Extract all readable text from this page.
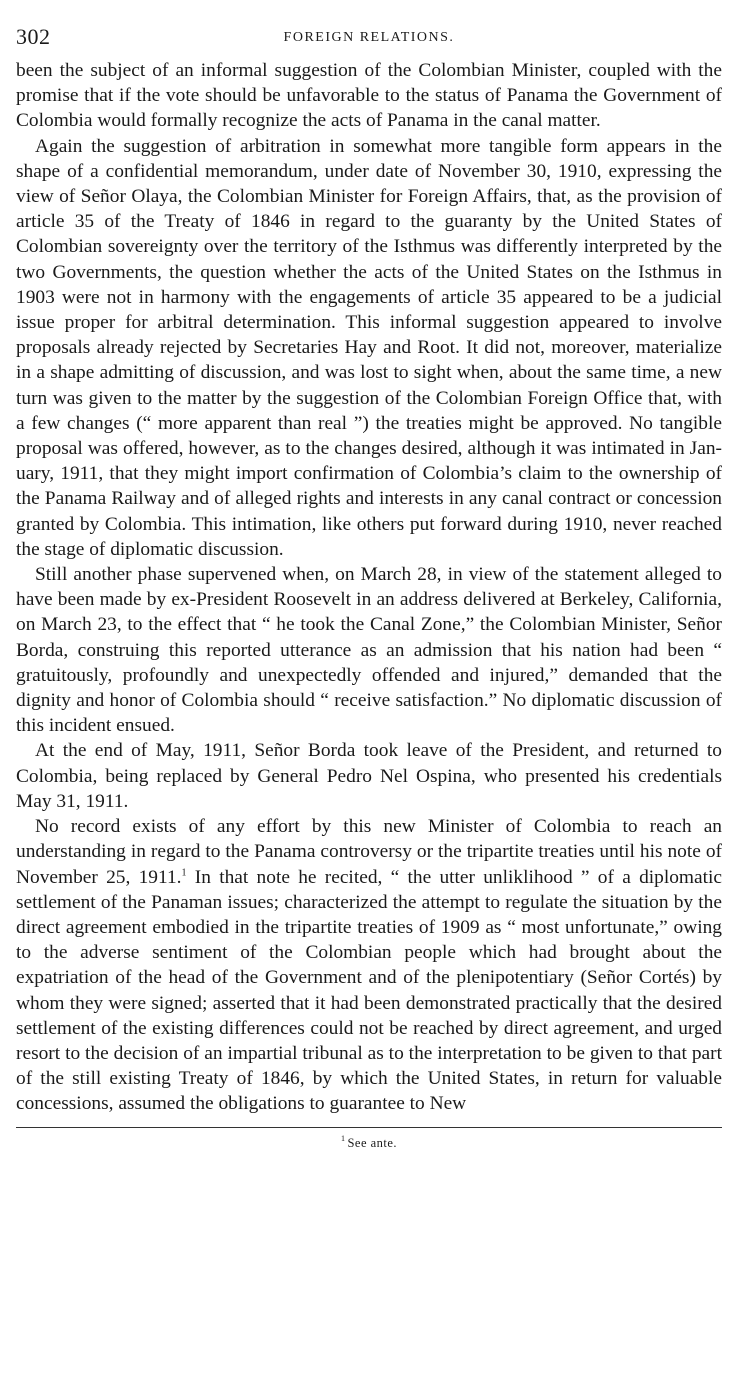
302	FOREIGN RELATIONS.

been the subject of an informal suggestion of the Colombian Minister, coupled with the promise that if the vote should be unfavorable to the status of Panama the Government of Colombia would formally recognize the acts of Panama in the canal matter.

Again the suggestion of arbitration in somewhat more tangible form appears in the shape of a confidential memorandum, under date of November 30, 1910, expressing the view of Señor Olaya, the Colombian Minister for Foreign Affairs, that, as the provision of article 35 of the Treaty of 1846 in regard to the guaranty by the United States of Colombian sovereignty over the territory of the Isthmus was differently interpreted by the two Governments, the question whether the acts of the United States on the Isthmus in 1903 were not in harmony with the engagements of article 35 appeared to be a judicial issue proper for arbitral determination. This informal suggestion appeared to involve proposals already rejected by Secretaries Hay and Root. It did not, moreover, materialize in a shape admitting of discussion, and was lost to sight when, about the same time, a new turn was given to the matter by the suggestion of the Colombian Foreign Office that, with a few changes (“ more apparent than real ”) the treaties might be approved. No tangible proposal was offered, however, as to the changes desired, although it was intimated in January, 1911, that they might import confirmation of Colombia’s claim to the ownership of the Panama Railway and of alleged rights and interests in any canal contract or concession granted by Colombia. This intimation, like others put forward during 1910, never reached the stage of diplomatic discussion.

Still another phase supervened when, on March 28, in view of the statement alleged to have been made by ex-President Roosevelt in an address delivered at Berkeley, California, on March 23, to the effect that “ he took the Canal Zone,” the Colombian Minister, Señor Borda, construing this reported utterance as an admission that his nation had been “ gratuitously, profoundly and unexpectedly offended and injured,” demanded that the dignity and honor of Colombia should “ receive satisfaction.” No diplomatic discussion of this incident ensued.

At the end of May, 1911, Señor Borda took leave of the President, and returned to Colombia, being replaced by General Pedro Nel Ospina, who presented his credentials May 31, 1911.

No record exists of any effort by this new Minister of Colombia to reach an understanding in regard to the Panama controversy or the tripartite treaties until his note of November 25, 1911.$^1$ In that note he recited, “ the utter unliklihood ” of a diplomatic settlement of the Panaman issues; characterized the attempt to regulate the situation by the direct agreement embodied in the tripartite treaties of 1909 as “ most unfortunate,” owing to the adverse sentiment of the Colombian people which had brought about the expatriation of the head of the Government and of the plenipotentiary (Señor Cortés) by whom they were signed; asserted that it had been demonstrated practically that the desired settlement of the existing differences could not be reached by direct agreement, and urged resort to the decision of an impartial tribunal as to the interpretation to be given to that part of the still existing Treaty of 1846, by which the United States, in return for valuable concessions, assumed the obligations to guarantee to New

$^1$ See ante.
